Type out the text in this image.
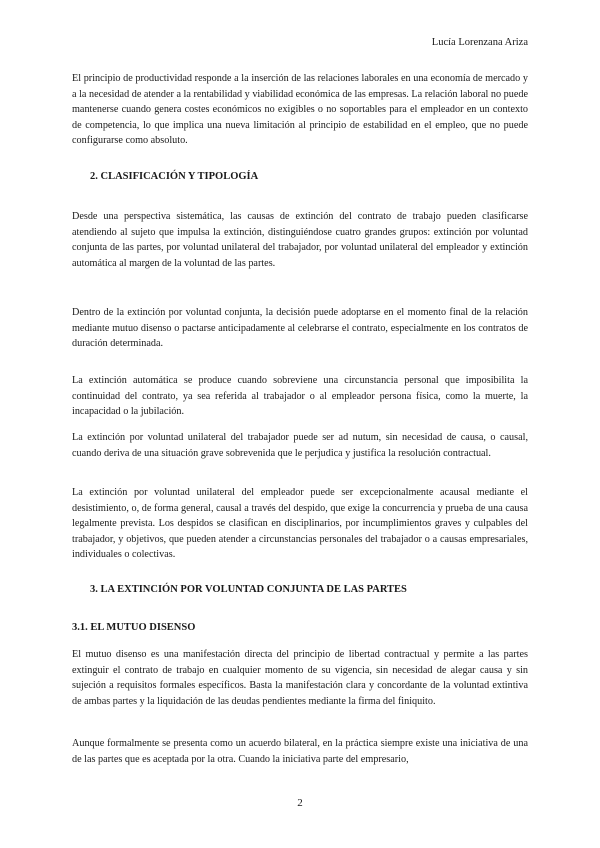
Lucía Lorenzana Ariza
El principio de productividad responde a la inserción de las relaciones laborales en una economía de mercado y a la necesidad de atender a la rentabilidad y viabilidad económica de las empresas. La relación laboral no puede mantenerse cuando genera costes económicos no exigibles o no soportables para el empleador en un contexto de competencia, lo que implica una nueva limitación al principio de estabilidad en el empleo, que no puede configurarse como absoluto.
2. CLASIFICACIÓN Y TIPOLOGÍA
Desde una perspectiva sistemática, las causas de extinción del contrato de trabajo pueden clasificarse atendiendo al sujeto que impulsa la extinción, distinguiéndose cuatro grandes grupos: extinción por voluntad conjunta de las partes, por voluntad unilateral del trabajador, por voluntad unilateral del empleador y extinción automática al margen de la voluntad de las partes.
Dentro de la extinción por voluntad conjunta, la decisión puede adoptarse en el momento final de la relación mediante mutuo disenso o pactarse anticipadamente al celebrarse el contrato, especialmente en los contratos de duración determinada.
La extinción automática se produce cuando sobreviene una circunstancia personal que imposibilita la continuidad del contrato, ya sea referida al trabajador o al empleador persona física, como la muerte, la incapacidad o la jubilación.
La extinción por voluntad unilateral del trabajador puede ser ad nutum, sin necesidad de causa, o causal, cuando deriva de una situación grave sobrevenida que le perjudica y justifica la resolución contractual.
La extinción por voluntad unilateral del empleador puede ser excepcionalmente acausal mediante el desistimiento, o, de forma general, causal a través del despido, que exige la concurrencia y prueba de una causa legalmente prevista. Los despidos se clasifican en disciplinarios, por incumplimientos graves y culpables del trabajador, y objetivos, que pueden atender a circunstancias personales del trabajador o a causas empresariales, individuales o colectivas.
3. LA EXTINCIÓN POR VOLUNTAD CONJUNTA DE LAS PARTES
3.1. EL MUTUO DISENSO
El mutuo disenso es una manifestación directa del principio de libertad contractual y permite a las partes extinguir el contrato de trabajo en cualquier momento de su vigencia, sin necesidad de alegar causa y sin sujeción a requisitos formales específicos. Basta la manifestación clara y concordante de la voluntad extintiva de ambas partes y la liquidación de las deudas pendientes mediante la firma del finiquito.
Aunque formalmente se presenta como un acuerdo bilateral, en la práctica siempre existe una iniciativa de una de las partes que es aceptada por la otra. Cuando la iniciativa parte del empresario,
2
